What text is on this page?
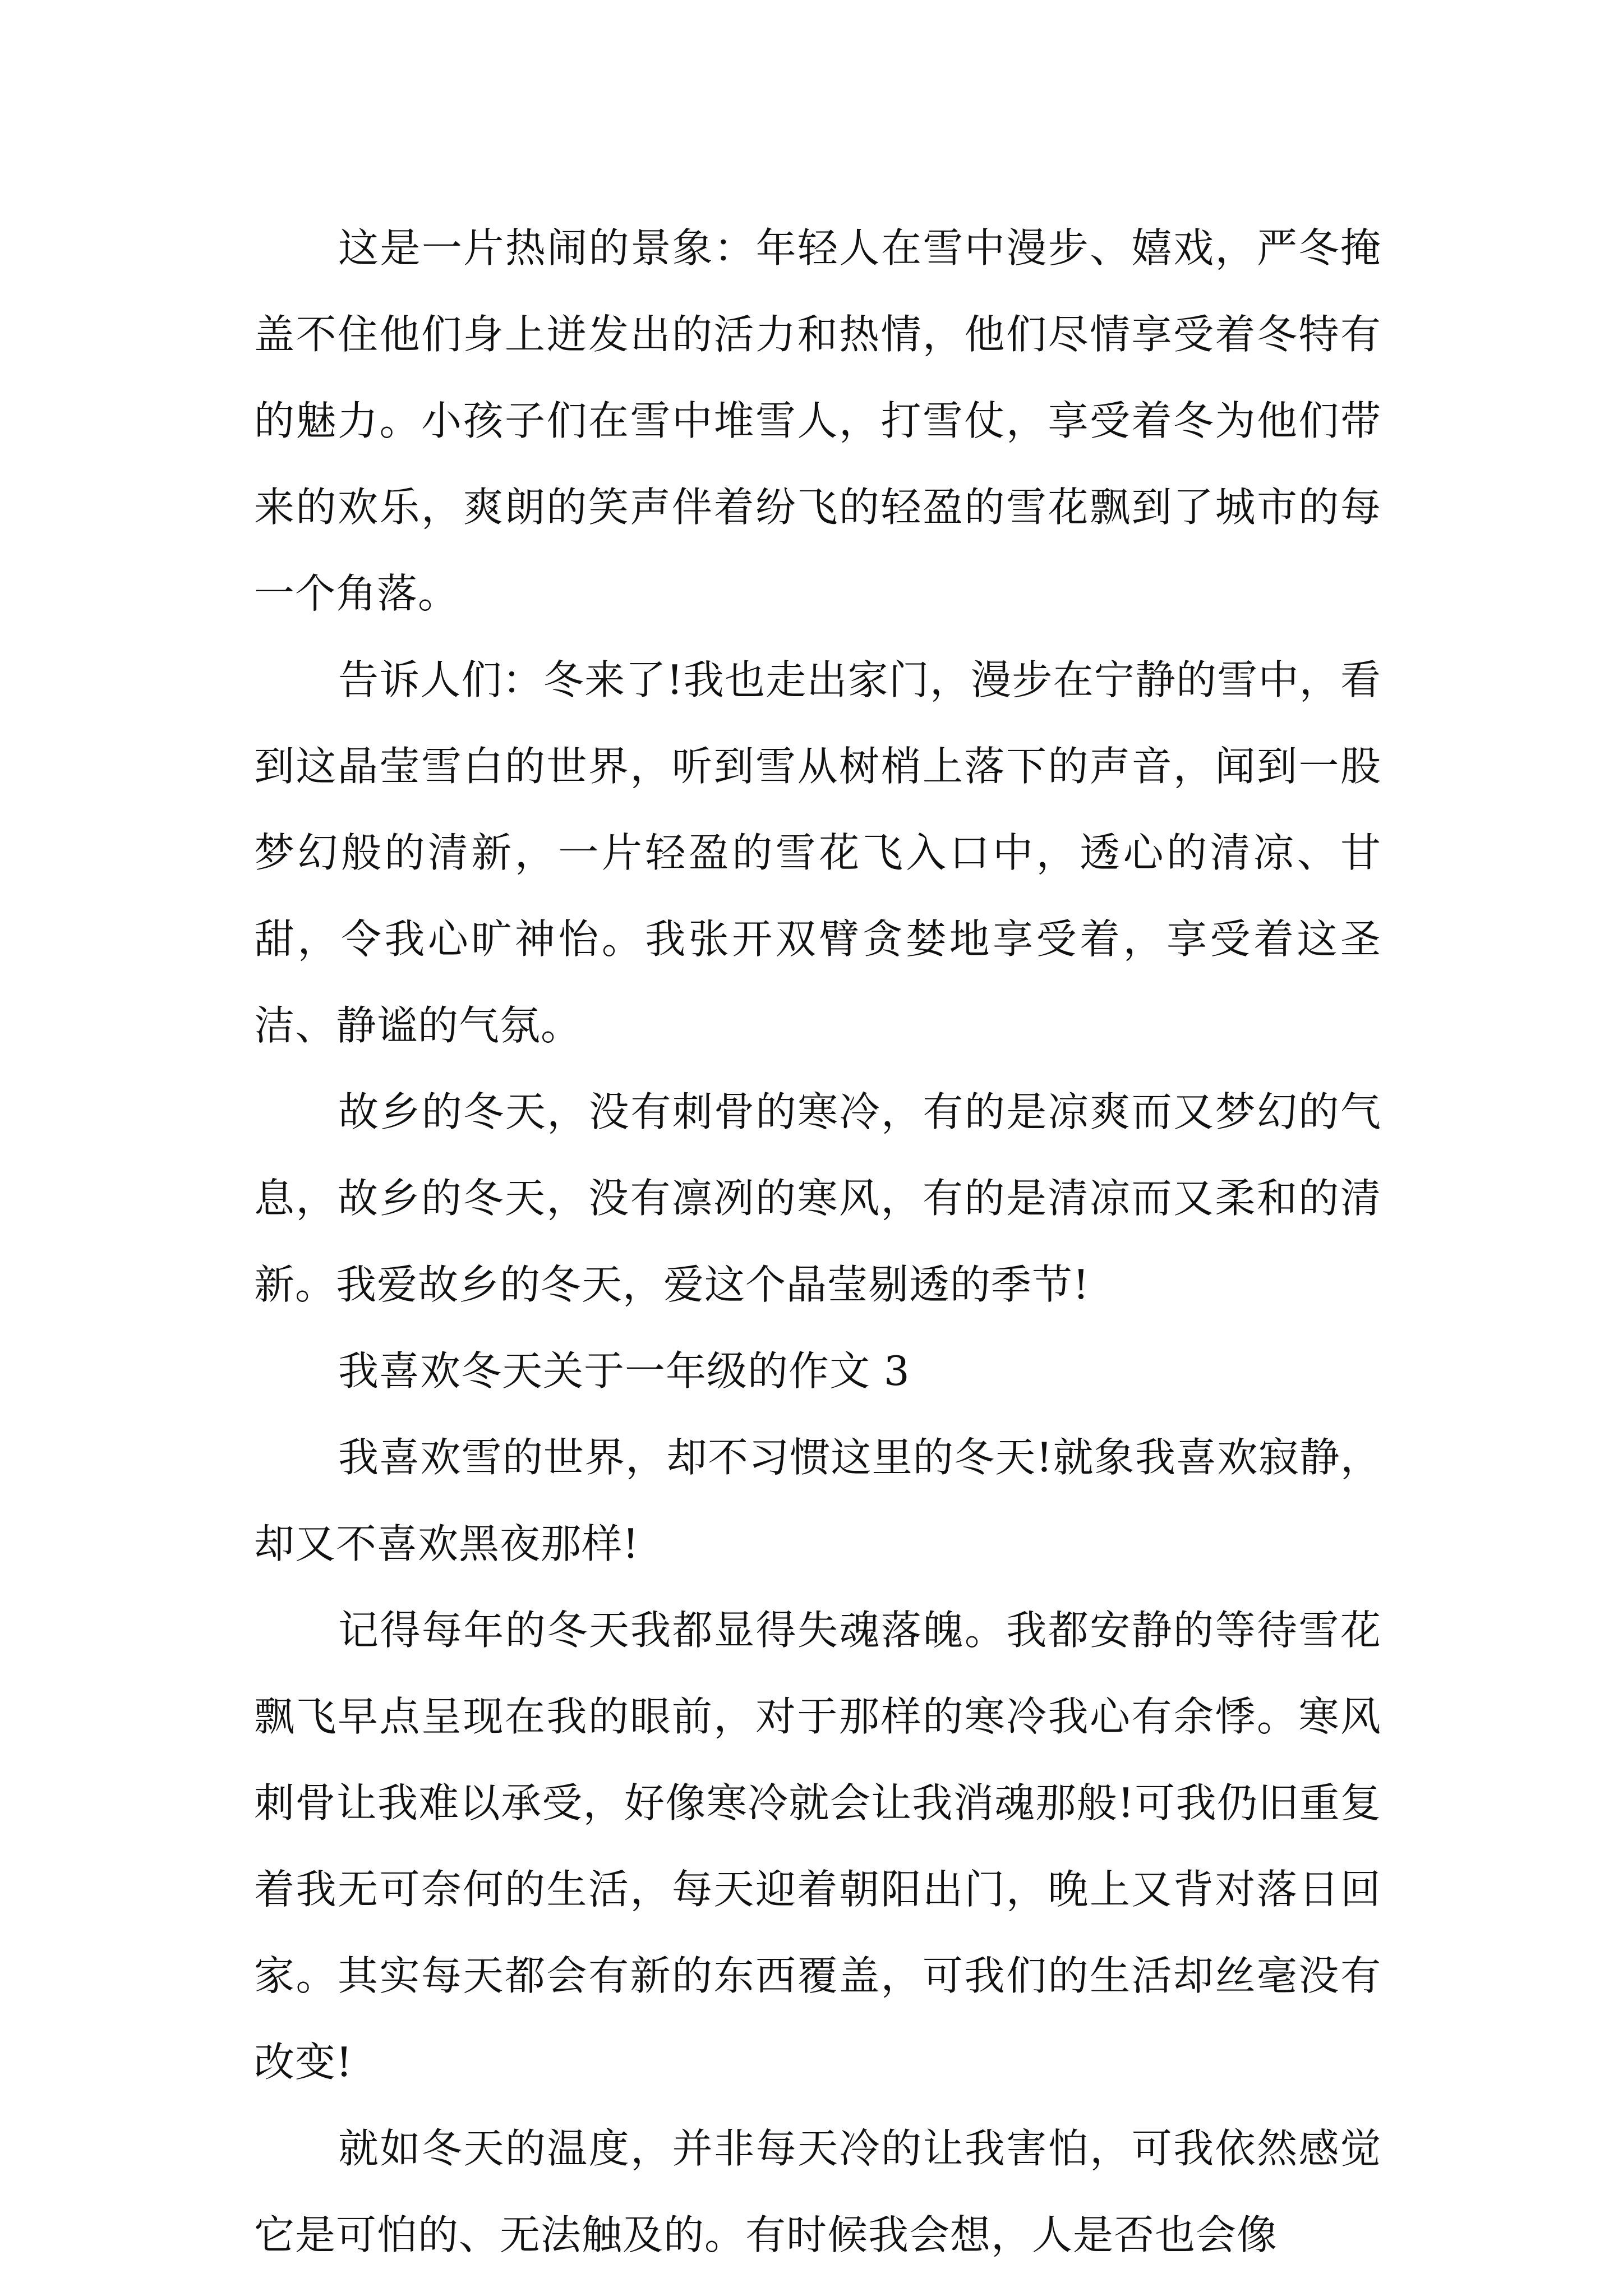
这是一片热闹的景象：年轻人在雪中漫步、嬉戏，严冬掩盖不住他们身上迸发出的活力和热情，他们尽情享受着冬特有的魅力。小孩子们在雪中堆雪人，打雪仗，享受着冬为他们带来的欢乐，爽朗的笑声伴着纷飞的轻盈的雪花飘到了城市的每一个角落。

告诉人们：冬来了!我也走出家门，漫步在宁静的雪中，看到这晶莹雪白的世界，听到雪从树梢上落下的声音，闻到一股梦幻般的清新，一片轻盈的雪花飞入口中，透心的清凉、甘甜，令我心旷神怡。我张开双臂贪婪地享受着，享受着这圣洁、静谧的气氛。

故乡的冬天，没有刺骨的寒冷，有的是凉爽而又梦幻的气息，故乡的冬天，没有凛冽的寒风，有的是清凉而又柔和的清新。我爱故乡的冬天，爱这个晶莹剔透的季节!

我喜欢冬天关于一年级的作文 3

我喜欢雪的世界，却不习惯这里的冬天!就象我喜欢寂静，却又不喜欢黑夜那样!

记得每年的冬天我都显得失魂落魄。我都安静的等待雪花飘飞早点呈现在我的眼前，对于那样的寒冷我心有余悸。寒风刺骨让我难以承受，好像寒冷就会让我消魂那般!可我仍旧重复着我无可奈何的生活，每天迎着朝阳出门，晚上又背对落日回家。其实每天都会有新的东西覆盖，可我们的生活却丝毫没有改变!

就如冬天的温度，并非每天冷的让我害怕，可我依然感觉它是可怕的、无法触及的。有时候我会想，人是否也会像
